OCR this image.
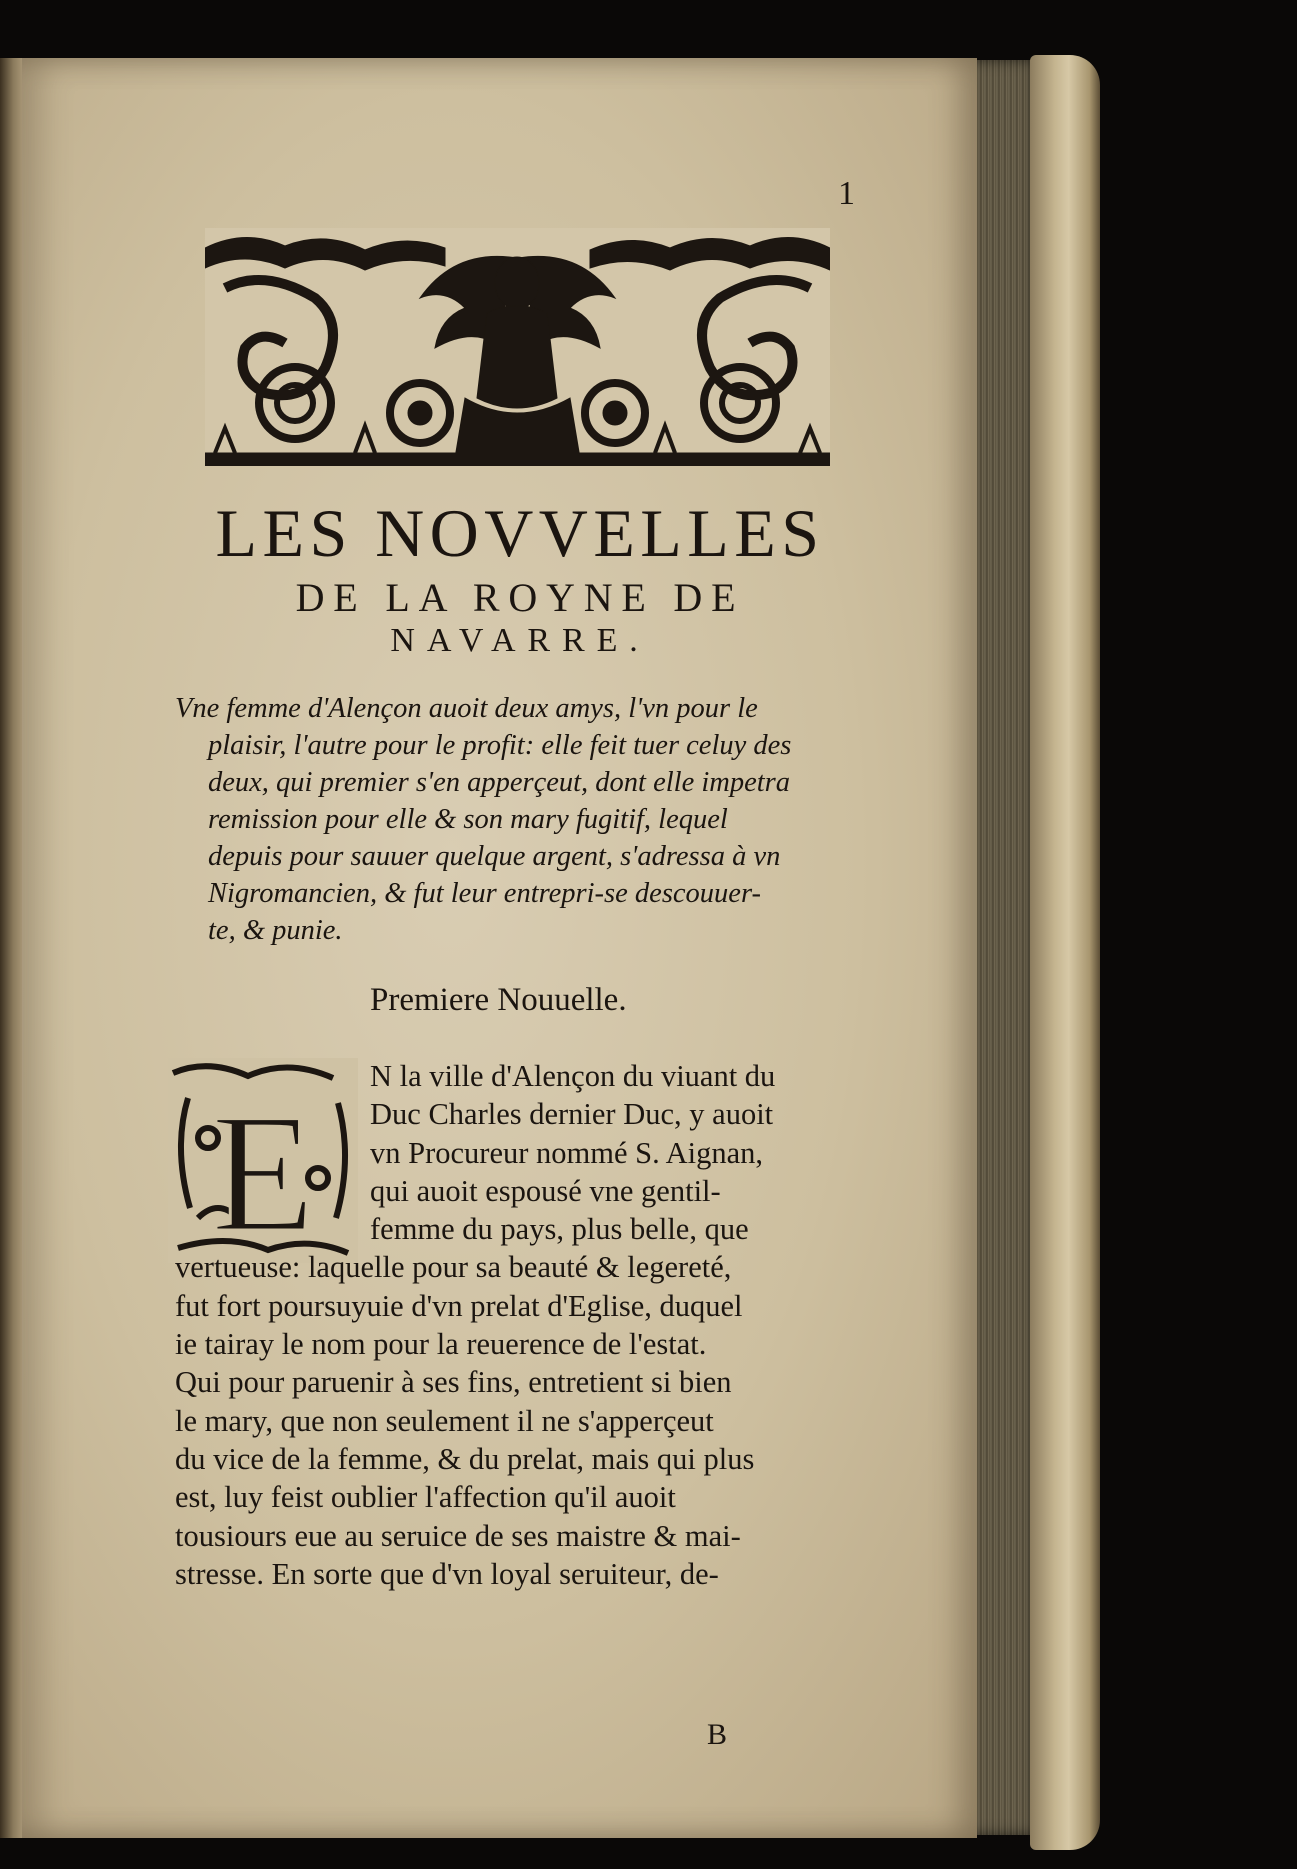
1
LES NOVVELLES
DE LA ROYNE DE
NAVARRE.

Vne femme d'Alençon auoit deux amys, l'vn pour le

plaisir, l'autre pour le profit: elle feit tuer celuy des

deux, qui premier s'en apperçeut, dont elle impetra

remission pour elle & son mary fugitif, lequel

depuis pour sauuer quelque argent, s'adressa à vn

Nigromancien, & fut leur entrepri-se descouuer-

te, & punie.

Premiere Nouuelle.
E

N la ville d'Alençon du viuant du

Duc Charles dernier Duc, y auoit

vn Procureur nommé S. Aignan,

qui auoit espousé vne gentil-

femme du pays, plus belle, que

vertueuse: laquelle pour sa beauté & legereté,

fut fort poursuyuie d'vn prelat d'Eglise, duquel

ie tairay le nom pour la reuerence de l'estat.

Qui pour paruenir à ses fins, entretient si bien

le mary, que non seulement il ne s'apperçeut

du vice de la femme, & du prelat, mais qui plus

est, luy feist oublier l'affection qu'il auoit

tousiours eue au seruice de ses maistre & mai-

stresse. En sorte que d'vn loyal seruiteur, de-

B
